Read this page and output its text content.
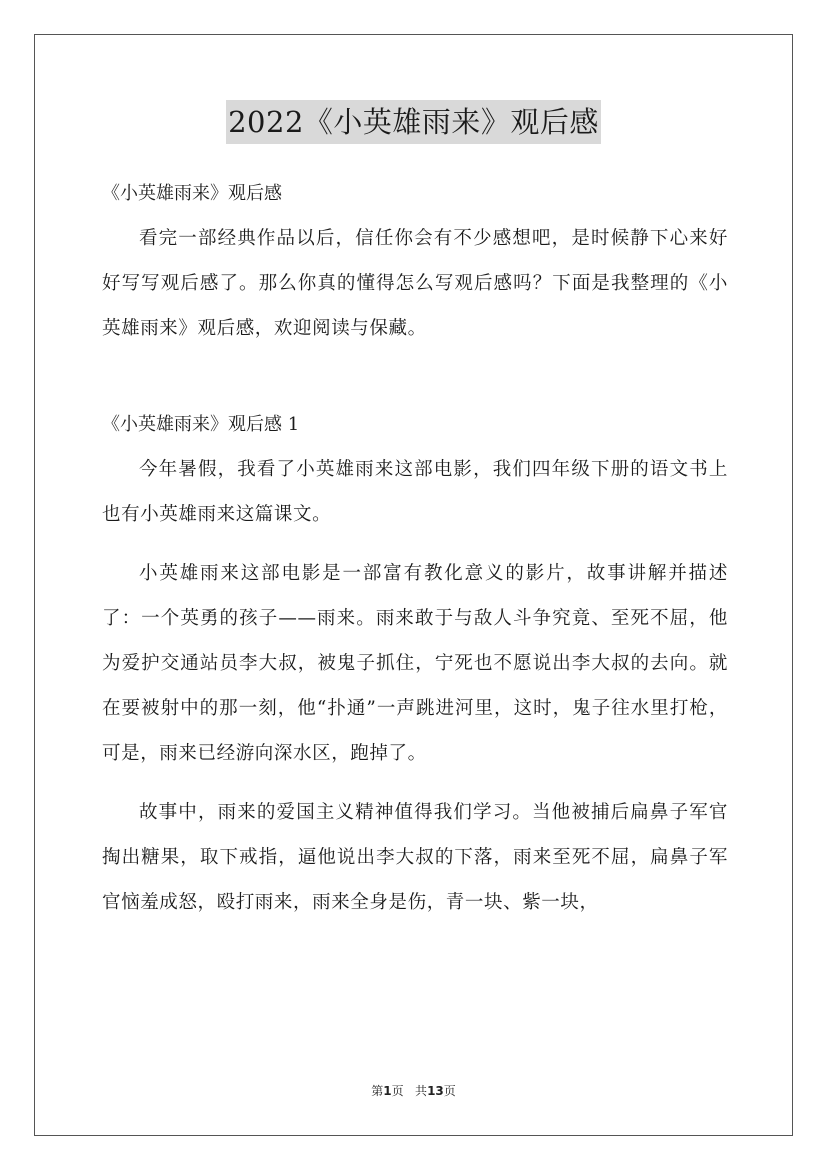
2022《小英雄雨来》观后感

《小英雄雨来》观后感

看完一部经典作品以后，信任你会有不少感想吧，是时候静下心来好好写写观后感了。那么你真的懂得怎么写观后感吗？下面是我整理的《小英雄雨来》观后感，欢迎阅读与保藏。

《小英雄雨来》观后感 1

今年暑假，我看了小英雄雨来这部电影，我们四年级下册的语文书上也有小英雄雨来这篇课文。

小英雄雨来这部电影是一部富有教化意义的影片，故事讲解并描述了：一个英勇的孩子——雨来。雨来敢于与敌人斗争究竟、至死不屈，他为爱护交通站员李大叔，被鬼子抓住，宁死也不愿说出李大叔的去向。就在要被射中的那一刻，他“扑通”一声跳进河里，这时，鬼子往水里打枪，可是，雨来已经游向深水区，跑掉了。

故事中，雨来的爱国主义精神值得我们学习。当他被捕后扁鼻子军官掏出糖果，取下戒指，逼他说出李大叔的下落，雨来至死不屈，扁鼻子军官恼羞成怒，殴打雨来，雨来全身是伤，青一块、紫一块，

第1页 共13页
